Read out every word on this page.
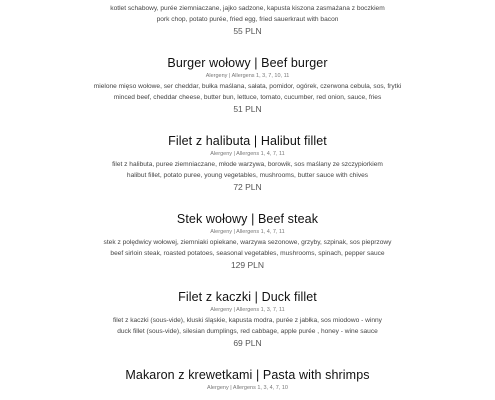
kotlet schabowy, purée ziemniaczane, jajko sadzone, kapusta kiszona zasmażana z boczkiem

pork chop, potato purée, fried egg, fried sauerkraut with bacon

55 PLN

Burger wołowy | Beef burger

Alergeny | Allergens 1, 3, 7, 10, 11

mielone mięso wołowe, ser cheddar, bułka maślana, sałata, pomidor, ogórek, czerwona cebula, sos, frytki

minced beef, cheddar cheese, butter bun, lettuce, tomato, cucumber, red onion, sauce, fries

51 PLN

Filet z halibuta | Halibut fillet

Alergeny | Allergens 1, 4, 7, 11

filet z halibuta, puree ziemniaczane, młode warzywa, borowik, sos maślany ze szczypiorkiem

halibut fillet, potato puree, young vegetables, mushrooms, butter sauce with chives

72 PLN

Stek wołowy | Beef steak

Alergeny | Allergens 1, 4, 7, 11

stek z polędwicy wołowej, ziemniaki opiekane, warzywa sezonowe, grzyby, szpinak, sos pieprzowy

beef sirloin steak, roasted potatoes, seasonal vegetables, mushrooms, spinach, pepper sauce

129 PLN

Filet z kaczki | Duck fillet

Alergeny | Allergens 1, 3, 7, 11

filet z kaczki (sous-vide), kluski śląskie, kapusta modra, purée z jabłka, sos miodowo - winny

duck fillet (sous-vide), silesian dumplings, red cabbage, apple purée , honey - wine sauce

69 PLN

Makaron z krewetkami | Pasta with shrimps

Alergeny | Allergens 1, 3, 4, 7, 10
